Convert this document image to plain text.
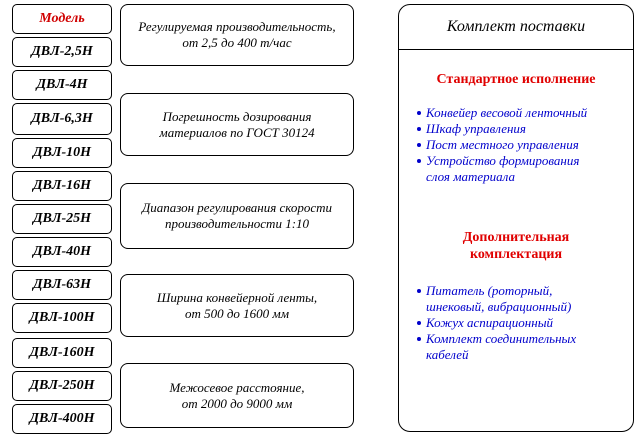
Модель
ДВЛ-2,5Н
ДВЛ-4Н
ДВЛ-6,3Н
ДВЛ-10Н
ДВЛ-16Н
ДВЛ-25Н
ДВЛ-40Н
ДВЛ-63Н
ДВЛ-100Н
ДВЛ-160Н
ДВЛ-250Н
ДВЛ-400Н
Регулируемая производительность,
от 2,5 до 400 т/час
Погрешность дозирования
материалов по ГОСТ 30124
Диапазон регулирования скорости
производительности 1:10
Ширина конвейерной ленты,
от 500 до 1600 мм
Межосевое расстояние,
от 2000 до 9000 мм
Комплект поставки
Стандартное исполнение
Конвейер весовой ленточный
Шкаф управления
Пост местного управления
Устройство формирования слоя материала
Дополнительная
комплектация
Питатель (роторный, шнековый, вибрационный)
Кожух аспирационный
Комплект соединительных кабелей
